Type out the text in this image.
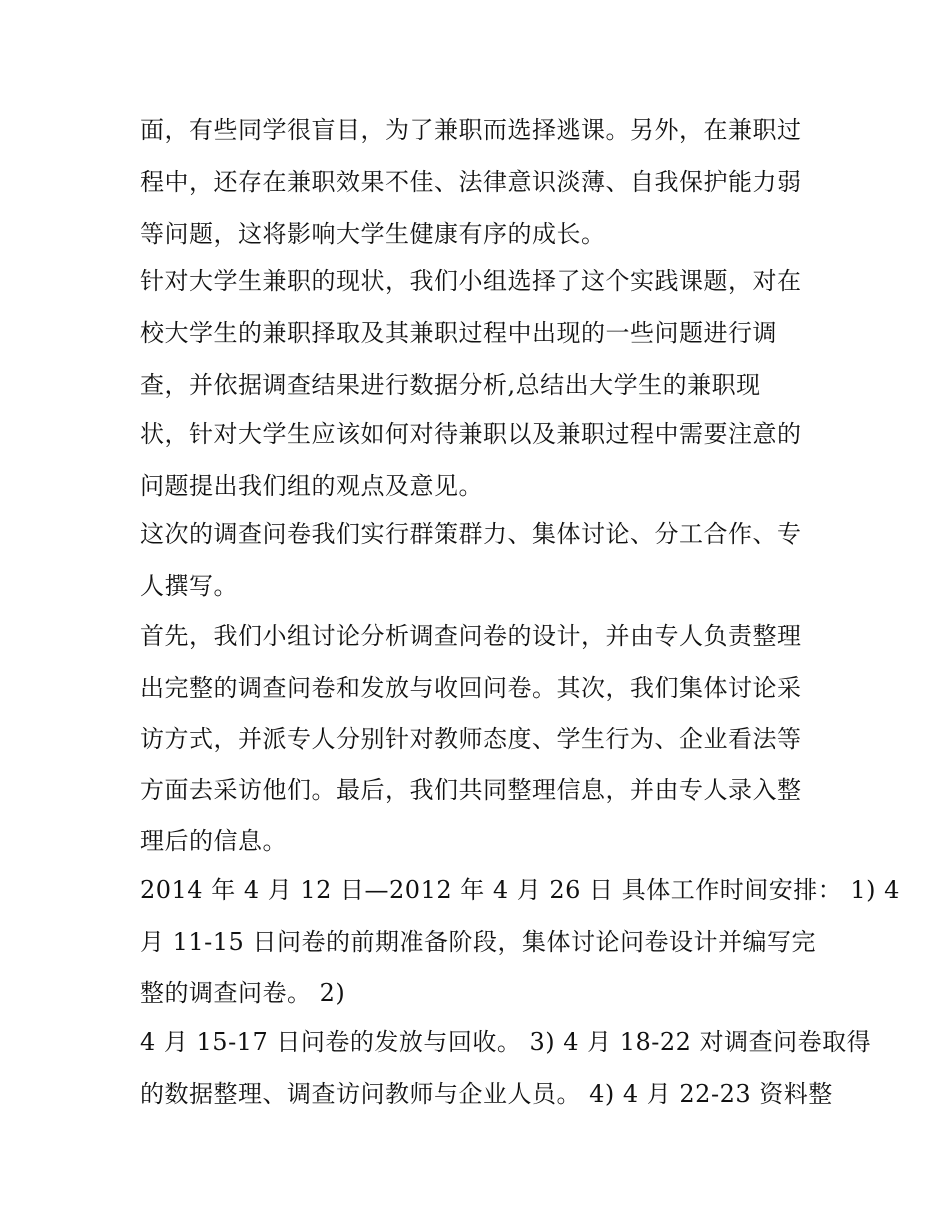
面，有些同学很盲目，为了兼职而选择逃课。另外，在兼职过
程中，还存在兼职效果不佳、法律意识淡薄、自我保护能力弱
等问题，这将影响大学生健康有序的成长。
针对大学生兼职的现状，我们小组选择了这个实践课题，对在
校大学生的兼职择取及其兼职过程中出现的一些问题进行调
查，并依据调查结果进行数据分析,总结出大学生的兼职现
状，针对大学生应该如何对待兼职以及兼职过程中需要注意的
问题提出我们组的观点及意见。
这次的调查问卷我们实行群策群力、集体讨论、分工合作、专
人撰写。
首先，我们小组讨论分析调查问卷的设计，并由专人负责整理
出完整的调查问卷和发放与收回问卷。其次，我们集体讨论采
访方式，并派专人分别针对教师态度、学生行为、企业看法等
方面去采访他们。最后，我们共同整理信息，并由专人录入整
理后的信息。
2014 年 4 月 12 日—2012 年 4 月 26 日 具体工作时间安排： 1) 4
月 11-15 日问卷的前期准备阶段，集体讨论问卷设计并编写完
整的调查问卷。 2)
4 月 15-17 日问卷的发放与回收。 3) 4 月 18-22 对调查问卷取得
的数据整理、调查访问教师与企业人员。 4) 4 月 22-23 资料整
